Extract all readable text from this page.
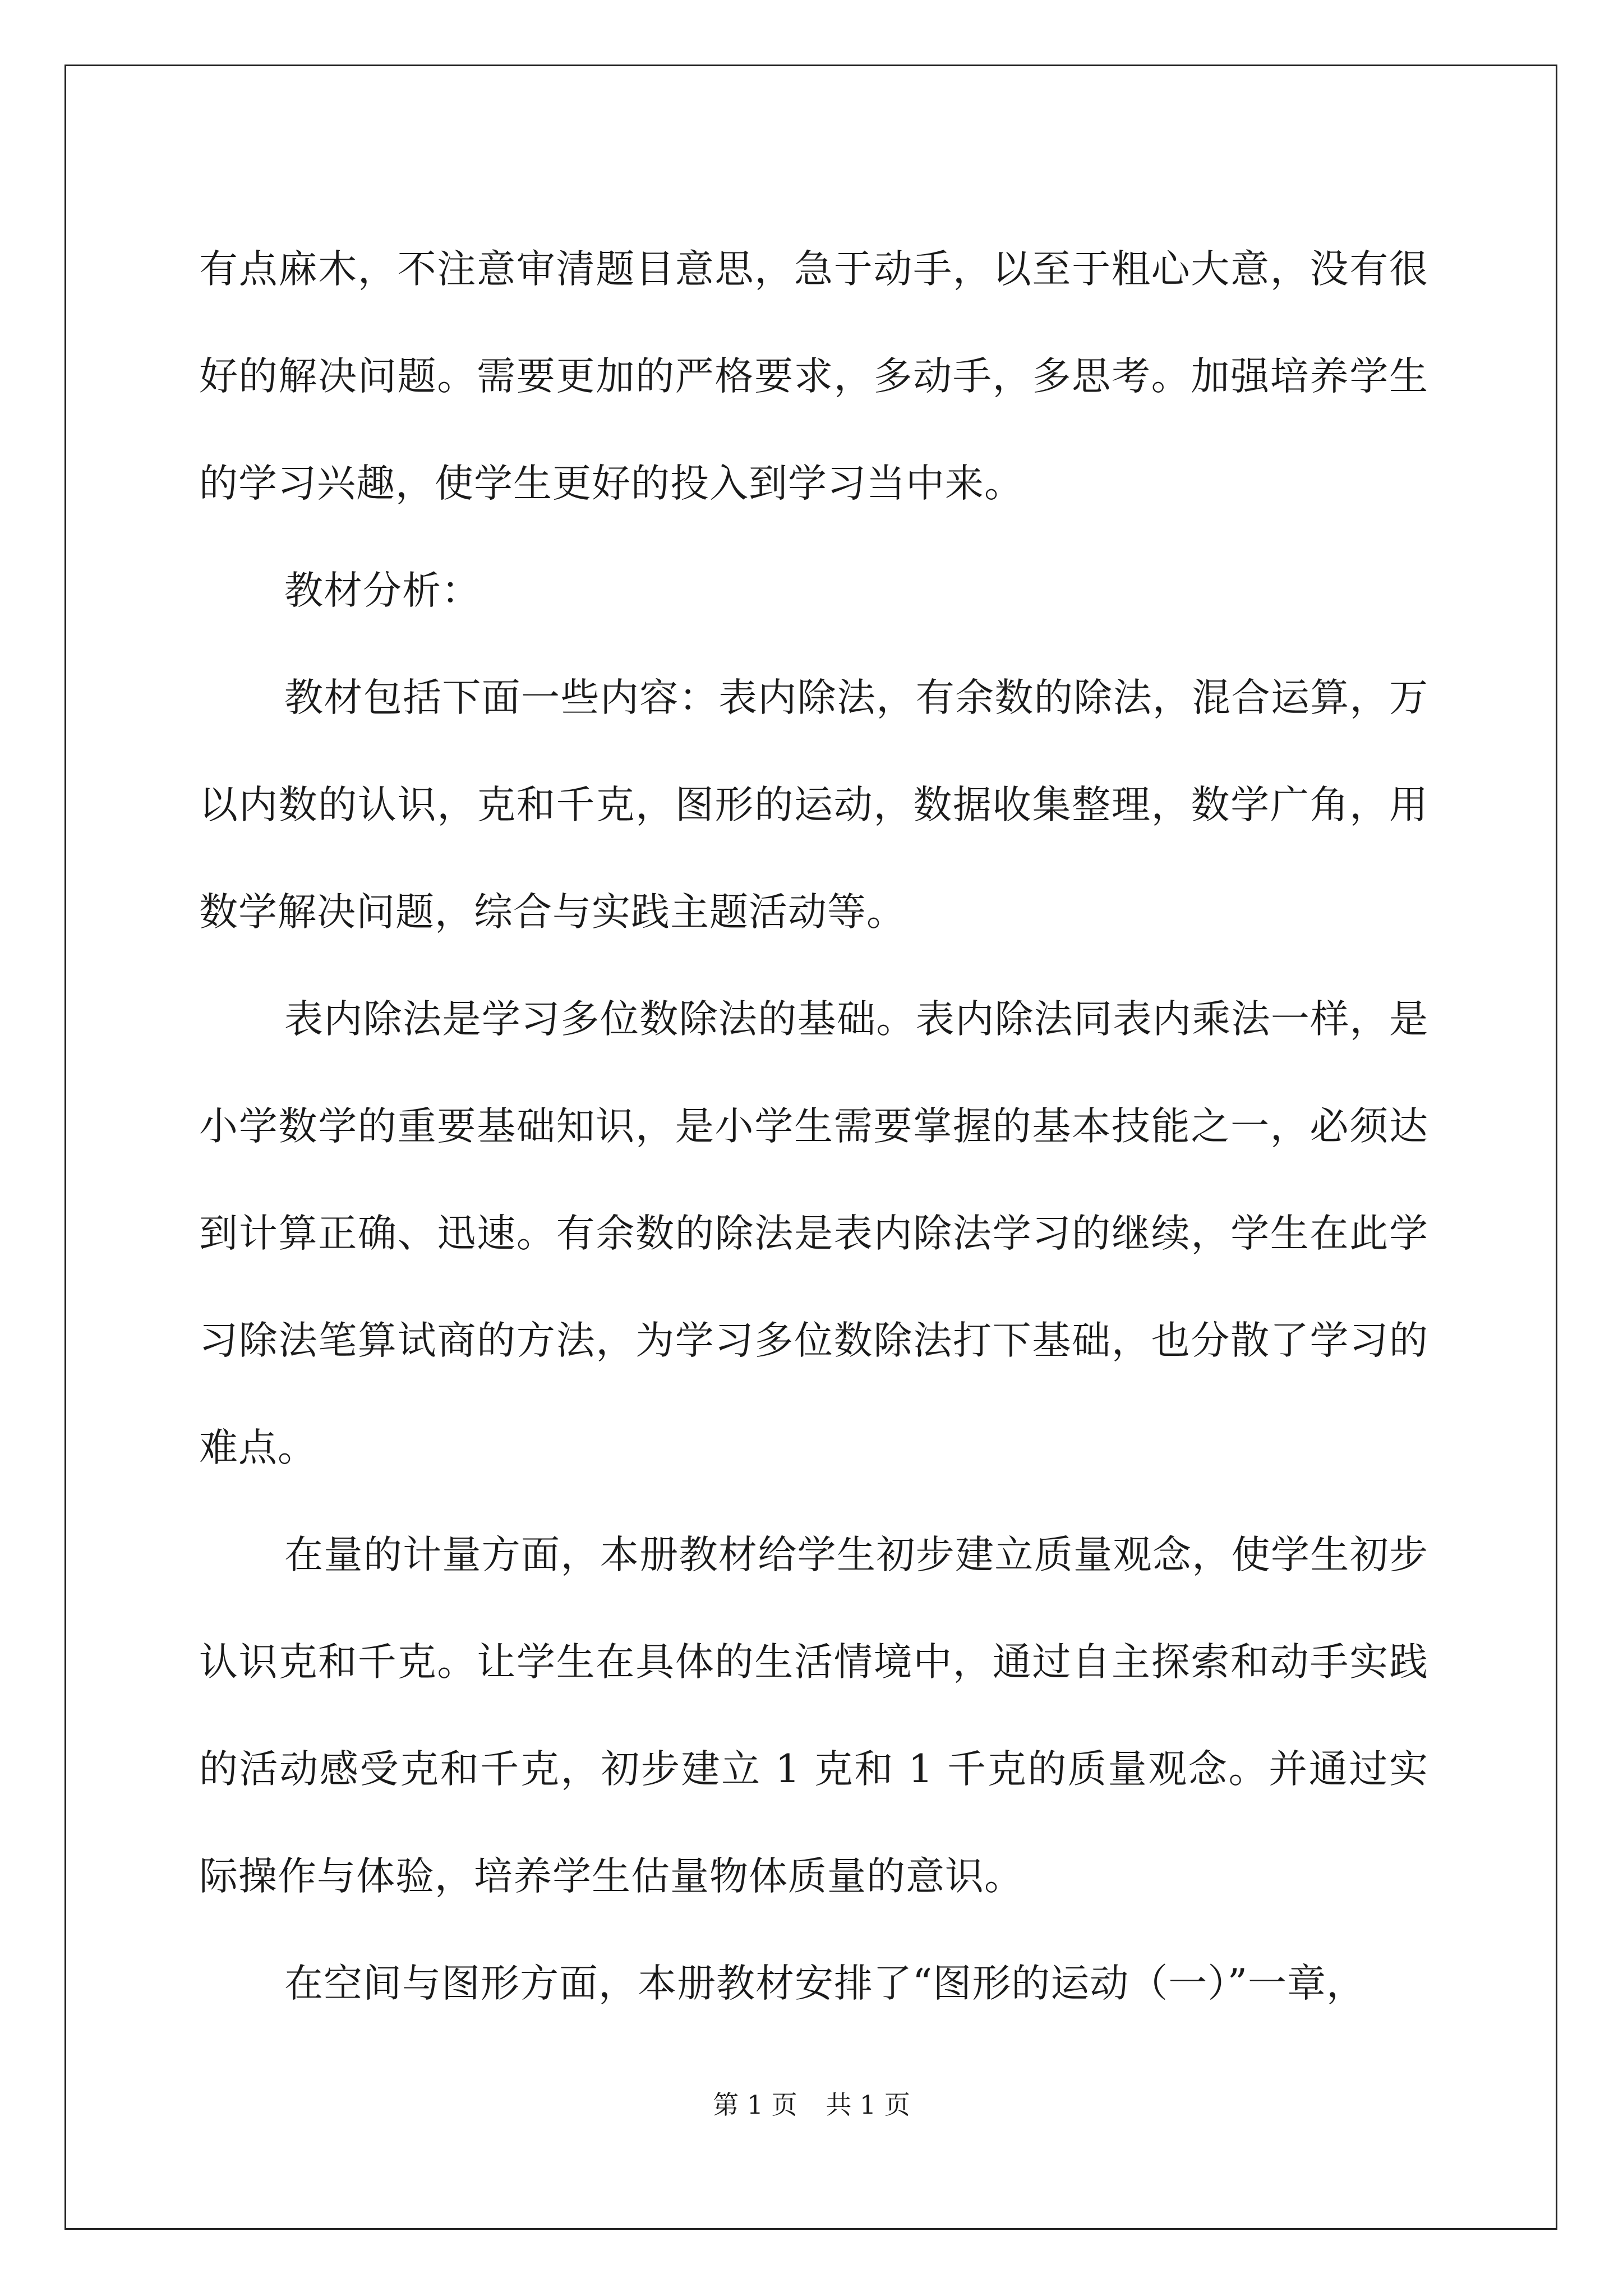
有点麻木，不注意审清题目意思，急于动手，以至于粗心大意，没有很好的解决问题。需要更加的严格要求，多动手，多思考。加强培养学生的学习兴趣，使学生更好的投入到学习当中来。

教材分析：

教材包括下面一些内容：表内除法，有余数的除法，混合运算，万以内数的认识，克和千克，图形的运动，数据收集整理，数学广角，用数学解决问题，综合与实践主题活动等。

表内除法是学习多位数除法的基础。表内除法同表内乘法一样，是小学数学的重要基础知识，是小学生需要掌握的基本技能之一，必须达到计算正确、迅速。有余数的除法是表内除法学习的继续，学生在此学习除法笔算试商的方法，为学习多位数除法打下基础，也分散了学习的难点。

在量的计量方面，本册教材给学生初步建立质量观念，使学生初步认识克和千克。让学生在具体的生活情境中，通过自主探索和动手实践的活动感受克和千克，初步建立 1 克和 1 千克的质量观念。并通过实际操作与体验，培养学生估量物体质量的意识。

在空间与图形方面，本册教材安排了“图形的运动（一）”一章，

第 1 页 共 1 页
